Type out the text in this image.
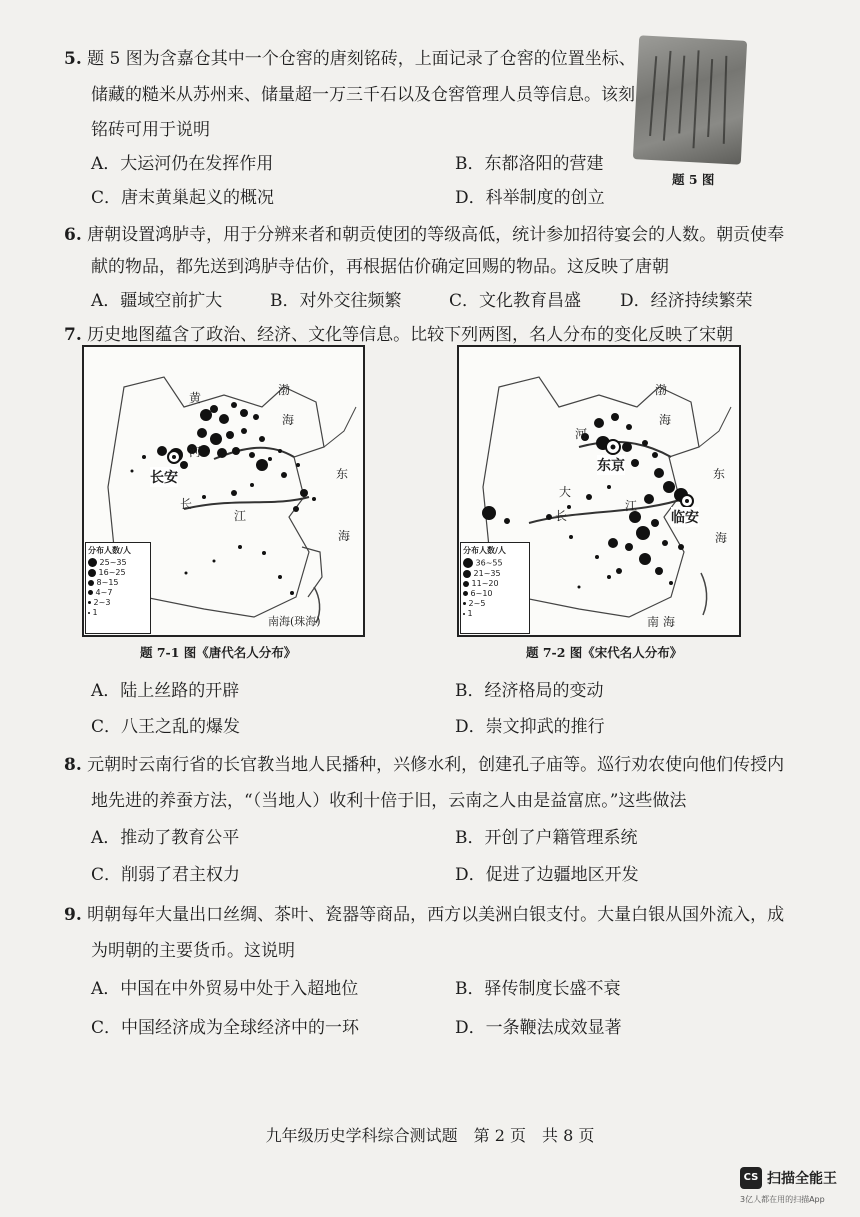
5. 题 5 图为含嘉仓其中一个仓窖的唐刻铭砖，上面记录了仓窖的位置坐标、
储藏的糙米从苏州来、储量超一万三千石以及仓窖管理人员等信息。该刻
铭砖可用于说明
A．大运河仍在发挥作用	B．东都洛阳的营建
C．唐末黄巢起义的概况	D．科举制度的创立
题 5 图
6. 唐朝设置鸿胪寺，用于分辨来者和朝贡使团的等级高低，统计参加招待宴会的人数。朝贡使奉
献的物品，都先送到鸿胪寺估价，再根据估价确定回赐的物品。这反映了唐朝
A．疆域空前扩大	B．对外交往频繁	C．文化教育昌盛 D．经济持续繁荣
7. 历史地图蕴含了政治、经济、文化等信息。比较下列两图，名人分布的变化反映了宋朝
长安
黄
河
渤
海
东
海
长
江
南海(珠海)
分布人数/人
25~35
16~25
8~15
4~7
2~3
1
题 7-1 图《唐代名人分布》
东京
临安
渤
海
河
东
海
大
长
江
南 海
分布人数/人
36~55
21~35
11~20
6~10
2~5
1
题 7-2 图《宋代名人分布》
A．陆上丝路的开辟	B．经济格局的变动
C．八王之乱的爆发	D．崇文抑武的推行
8. 元朝时云南行省的长官教当地人民播种，兴修水利，创建孔子庙等。巡行劝农使向他们传授内
地先进的养蚕方法，“（当地人）收利十倍于旧，云南之人由是益富庶。”这些做法
A．推动了教育公平	B．开创了户籍管理系统
C．削弱了君主权力	D．促进了边疆地区开发
9. 明朝每年大量出口丝绸、茶叶、瓷器等商品，西方以美洲白银支付。大量白银从国外流入，成
为明朝的主要货币。这说明
A．中国在中外贸易中处于入超地位	B．驿传制度长盛不衰
C．中国经济成为全球经济中的一环	D．一条鞭法成效显著
九年级历史学科综合测试题　第 2 页　共 8 页
CS 扫描全能王
3亿人都在用的扫描App
